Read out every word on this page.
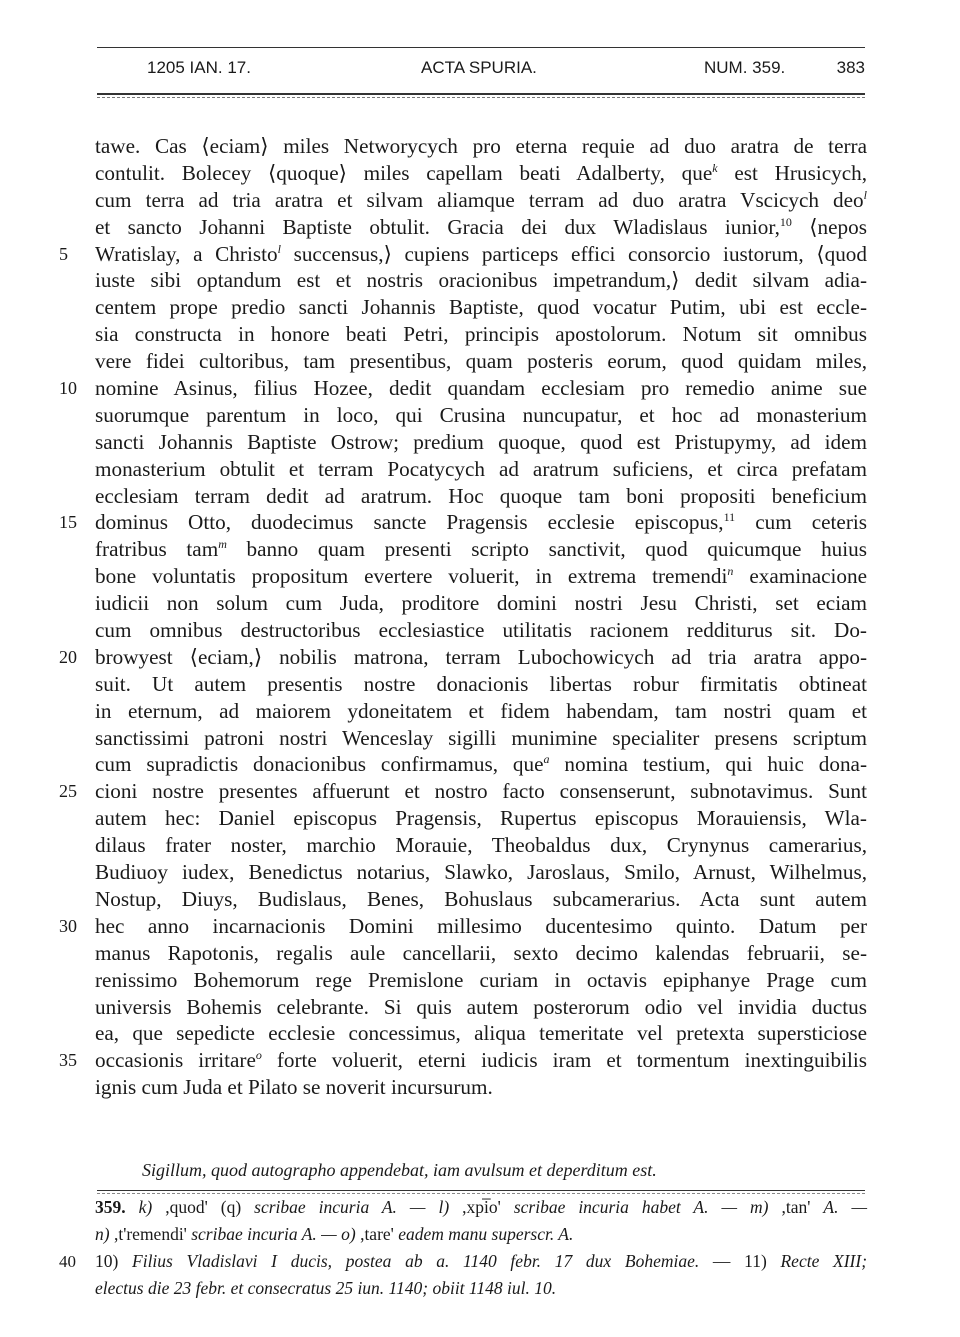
1205 IAN. 17.	ACTA SPURIA.	NUM. 359.	383
tawe. Cas ⟨eciam⟩ miles Networycych pro eterna requie ad duo aratra de terra
contulit. Bolecey ⟨quoque⟩ miles capellam beati Adalberty, que$^k$ est Hrusicych,
cum terra ad tria aratra et silvam aliamque terram ad duo aratra Vscicych deo$^l$
et sancto Johanni Baptiste obtulit. Gracia dei dux Wladislaus iunior,$^{10}$ ⟨nepos
5	Wratislay, a Christo$^l$ succensus,⟩ cupiens particeps effici consorcio iustorum, ⟨quod
iuste sibi optandum est et nostris oracionibus impetrandum,⟩ dedit silvam adia-
centem prope predio sancti Johannis Baptiste, quod vocatur Putim, ubi est eccle-
sia constructa in honore beati Petri, principis apostolorum. Notum sit omnibus
vere fidei cultoribus, tam presentibus, quam posteris eorum, quod quidam miles,
10 nomine Asinus, filius Hozee, dedit quandam ecclesiam pro remedio anime sue
suorumque parentum in loco, qui Crusina nuncupatur, et hoc ad monasterium
sancti Johannis Baptiste Ostrow; predium quoque, quod est Pristupymy, ad idem
monasterium obtulit et terram Pocatycych ad aratrum suficiens, et circa prefatam
ecclesiam terram dedit ad aratrum. Hoc quoque tam boni propositi beneficium
15 dominus Otto, duodecimus sancte Pragensis ecclesie episcopus,$^{11}$ cum ceteris
fratribus tam$^m$ banno quam presenti scripto sanctivit, quod quicumque huius
bone voluntatis propositum evertere voluerit, in extrema tremendi$^n$ examinacione
iudicii non solum cum Juda, proditore domini nostri Jesu Christi, set eciam
cum omnibus destructoribus ecclesiastice utilitatis racionem redditurus sit. Do-
20 browyest ⟨eciam,⟩ nobilis matrona, terram Lubochowicych ad tria aratra appo-
suit. Ut autem presentis nostre donacionis libertas robur firmitatis obtineat
in eternum, ad maiorem ydoneitatem et fidem habendam, tam nostri quam et
sanctissimi patroni nostri Wenceslay sigilli munimine specialiter presens scriptum
cum supradictis donacionibus confirmamus, que$^a$ nomina testium, qui huic dona-
25 cioni nostre presentes affuerunt et nostro facto consenserunt, subnotavimus. Sunt
autem hec: Daniel episcopus Pragensis, Rupertus episcopus Morauiensis, Wla-
dilaus frater noster, marchio Morauie, Theobaldus dux, Crynynus camerarius,
Budiuoy iudex, Benedictus notarius, Slawko, Jaroslaus, Smilo, Arnust, Wilhelmus,
Nostup, Diuys, Budislaus, Benes, Bohuslaus subcamerarius. Acta sunt autem
30 hec anno incarnacionis Domini millesimo ducentesimo quinto. Datum per
manus Rapotonis, regalis aule cancellarii, sexto decimo kalendas februarii, se-
renissimo Bohemorum rege Premislone curiam in octavis epiphanye Prage cum
universis Bohemis celebrante. Si quis autem posterorum odio vel invidia ductus
ea, que sepedicte ecclesie concessimus, aliqua temeritate vel pretexta supersticiose
35 occasionis irritare$^o$ forte voluerit, eterni iudicis iram et tormentum inextinguibilis
ignis cum Juda et Pilato se noverit incursurum.
Sigillum, quod autographo appendebat, iam avulsum et deperditum est.
359. k) ,quod' (q) scribae incuria A. — l) ,xpi̅o' scribae incuria habet A. — m) ,tan' A. —
n) ,t'remendi' scribae incuria A. — o) ,tare' eadem manu superscr. A.
40	10) Filius Vladislavi I ducis, postea ab a. 1140 febr. 17 dux Bohemiae. — 11) Recte XIII;
electus die 23 febr. et consecratus 25 iun. 1140; obiit 1148 iul. 10.
